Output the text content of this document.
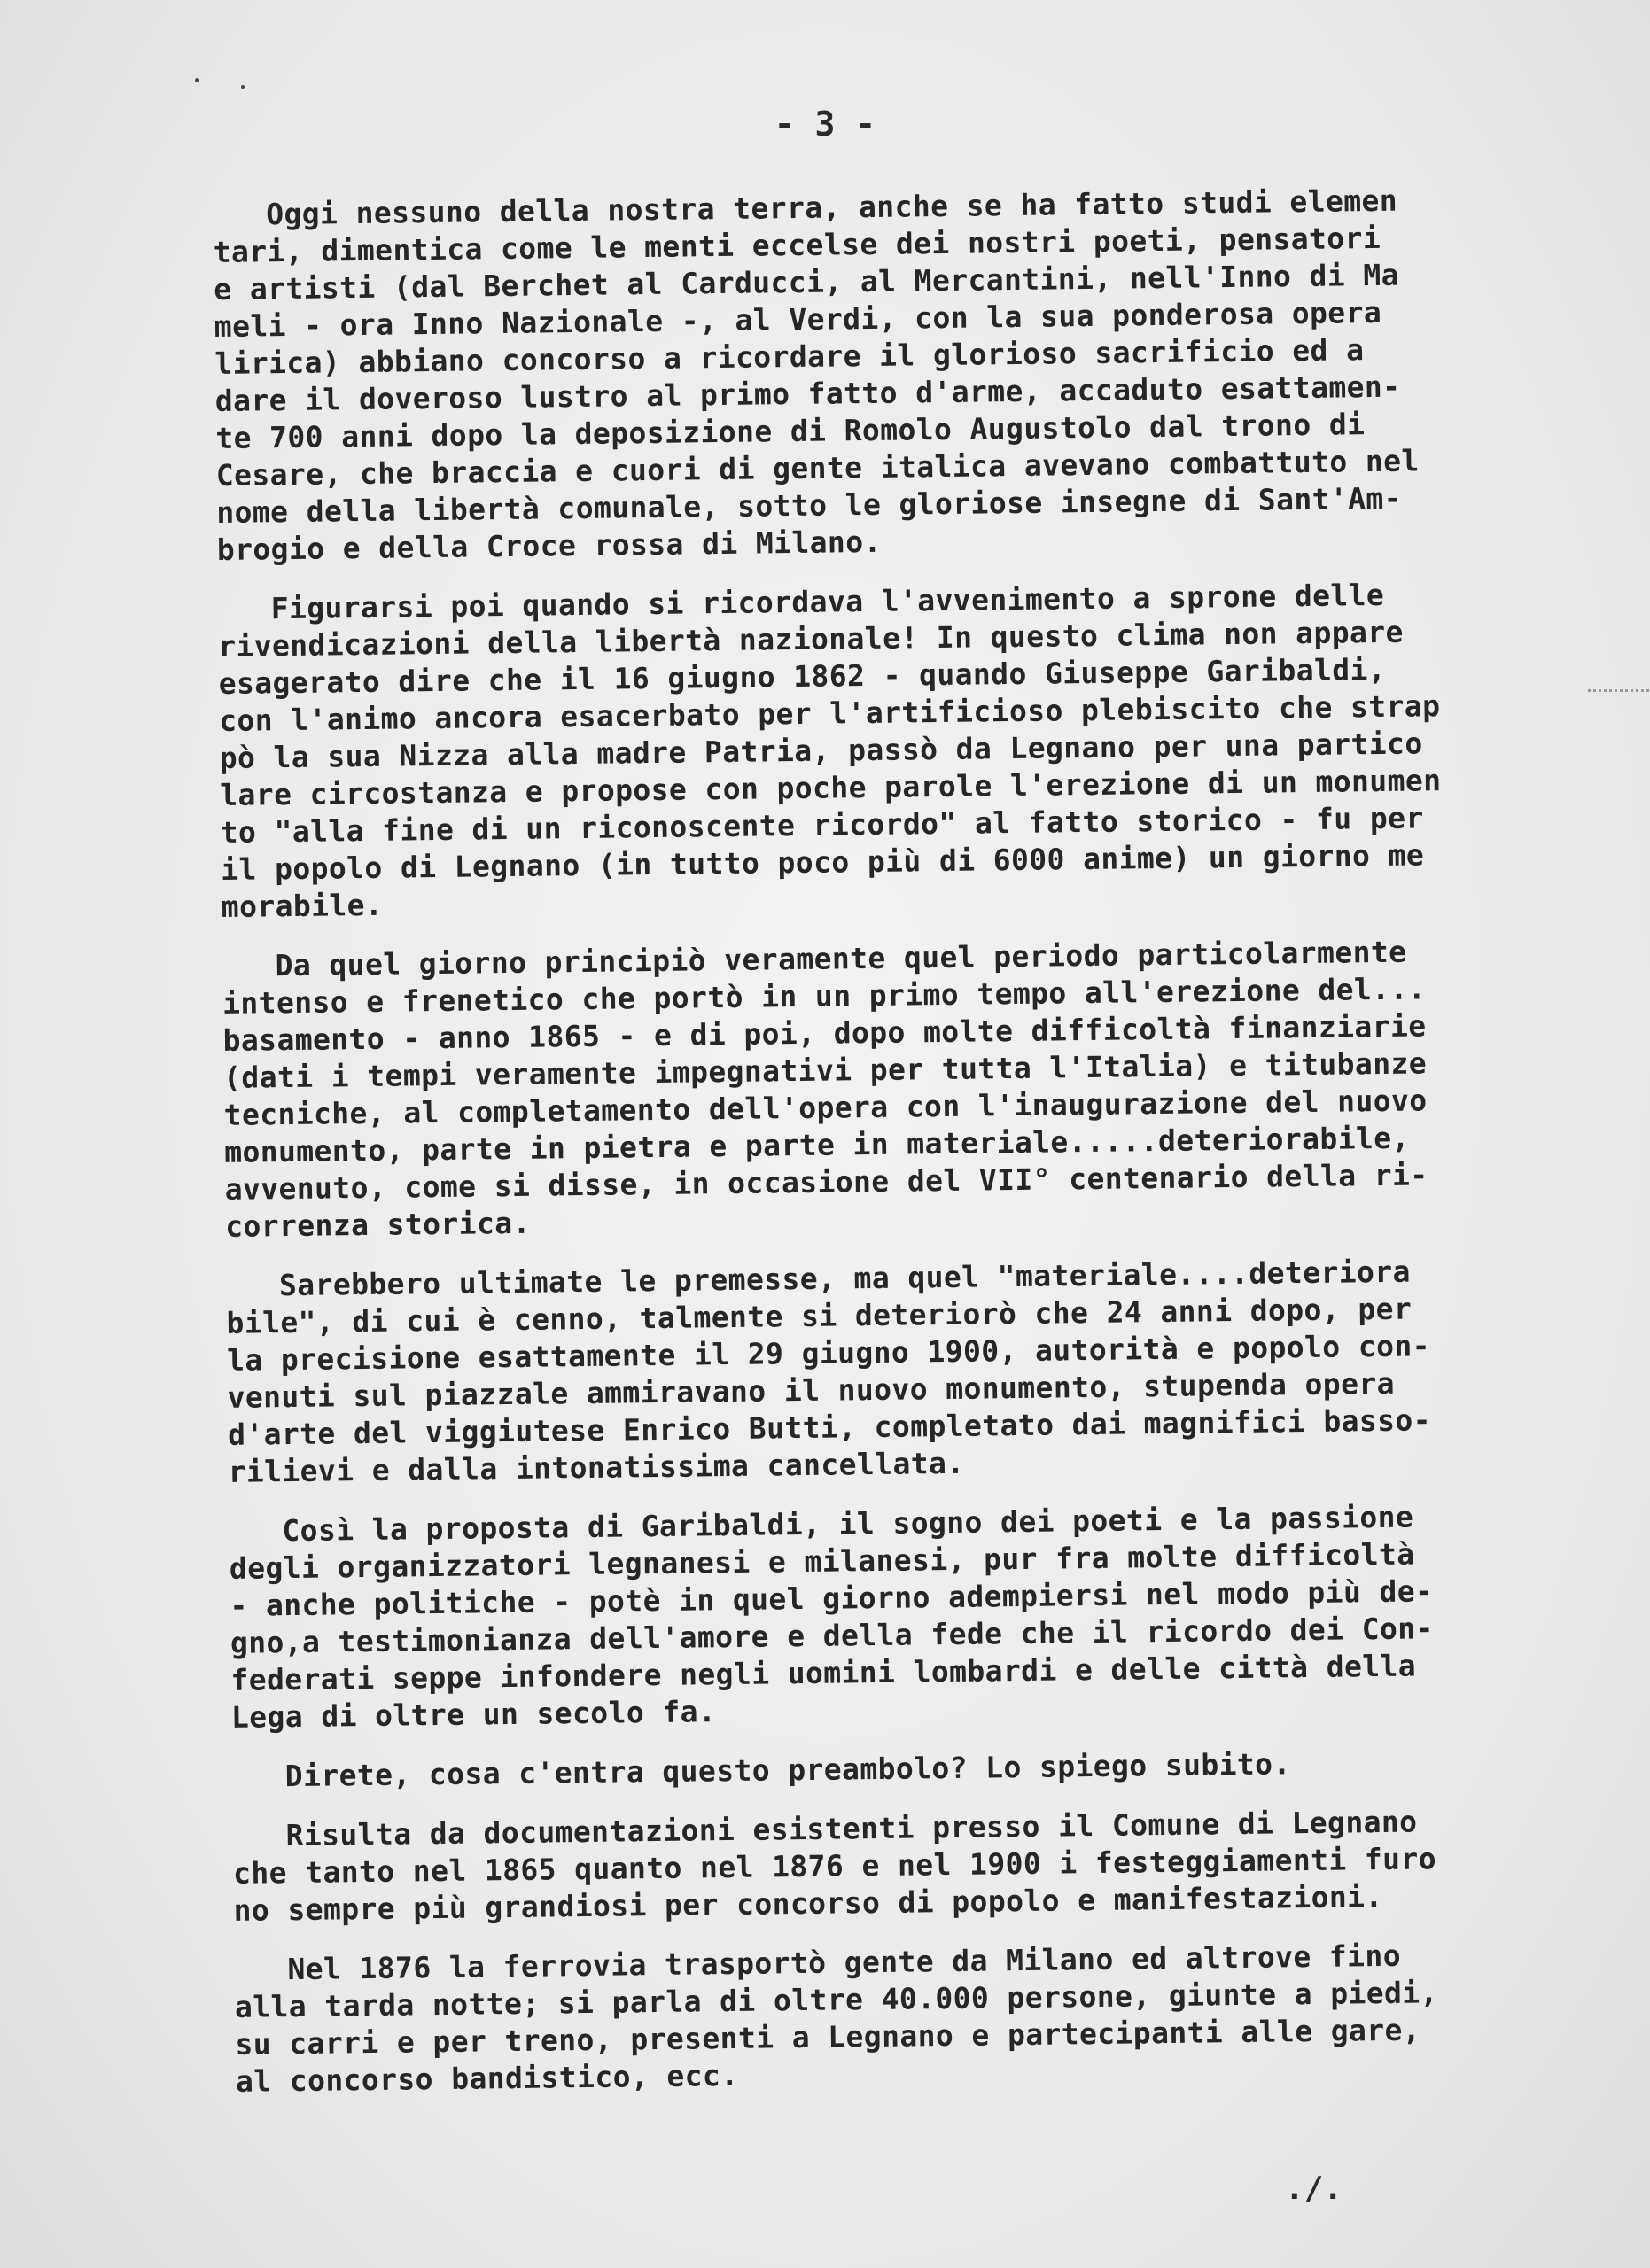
- 3 -
Oggi nessuno della nostra terra, anche se ha fatto studi elemen
tari, dimentica come le menti eccelse dei nostri poeti, pensatori
e artisti (dal Berchet al Carducci, al Mercantini, nell'Inno di Ma
meli - ora Inno Nazionale -, al Verdi, con la sua ponderosa opera
lirica) abbiano concorso a ricordare il glorioso sacrificio ed a
dare il doveroso lustro al primo fatto d'arme, accaduto esattamen-
te 700 anni dopo la deposizione di Romolo Augustolo dal trono di
Cesare, che braccia e cuori di gente italica avevano combattuto nel
nome della libertà comunale, sotto le gloriose insegne di Sant'Am-
brogio e della Croce rossa di Milano.
Figurarsi poi quando si ricordava l'avvenimento a sprone delle
rivendicazioni della libertà nazionale! In questo clima non appare
esagerato dire che il 16 giugno 1862 - quando Giuseppe Garibaldi,
con l'animo ancora esacerbato per l'artificioso plebiscito che strap
pò la sua Nizza alla madre Patria, passò da Legnano per una partico
lare circostanza e propose con poche parole l'erezione di un monumen
to "alla fine di un riconoscente ricordo" al fatto storico - fu per
il popolo di Legnano (in tutto poco più di 6000 anime) un giorno me
morabile.
Da quel giorno principiò veramente quel periodo particolarmente
intenso e frenetico che portò in un primo tempo all'erezione del...
basamento - anno 1865 - e di poi, dopo molte difficoltà finanziarie
(dati i tempi veramente impegnativi per tutta l'Italia) e titubanze
tecniche, al completamento dell'opera con l'inaugurazione del nuovo
monumento, parte in pietra e parte in materiale.....deteriorabile,
avvenuto, come si disse, in occasione del VII° centenario della ri-
correnza storica.
Sarebbero ultimate le premesse, ma quel "materiale....deteriora
bile", di cui è cenno, talmente si deteriorò che 24 anni dopo, per
la precisione esattamente il 29 giugno 1900, autorità e popolo con-
venuti sul piazzale ammiravano il nuovo monumento, stupenda opera
d'arte del viggiutese Enrico Butti, completato dai magnifici basso-
rilievi e dalla intonatissima cancellata.
Così la proposta di Garibaldi, il sogno dei poeti e la passione
degli organizzatori legnanesi e milanesi, pur fra molte difficoltà
- anche politiche - potè in quel giorno adempiersi nel modo più de-
gno,a testimonianza dell'amore e della fede che il ricordo dei Con-
federati seppe infondere negli uomini lombardi e delle città della
Lega di oltre un secolo fa.
Direte, cosa c'entra questo preambolo? Lo spiego subito.
Risulta da documentazioni esistenti presso il Comune di Legnano
che tanto nel 1865 quanto nel 1876 e nel 1900 i festeggiamenti furo
no sempre più grandiosi per concorso di popolo e manifestazioni.
Nel 1876 la ferrovia trasportò gente da Milano ed altrove fino
alla tarda notte; si parla di oltre 40.000 persone, giunte a piedi,
su carri e per treno, presenti a Legnano e partecipanti alle gare,
al concorso bandistico, ecc.
./.
